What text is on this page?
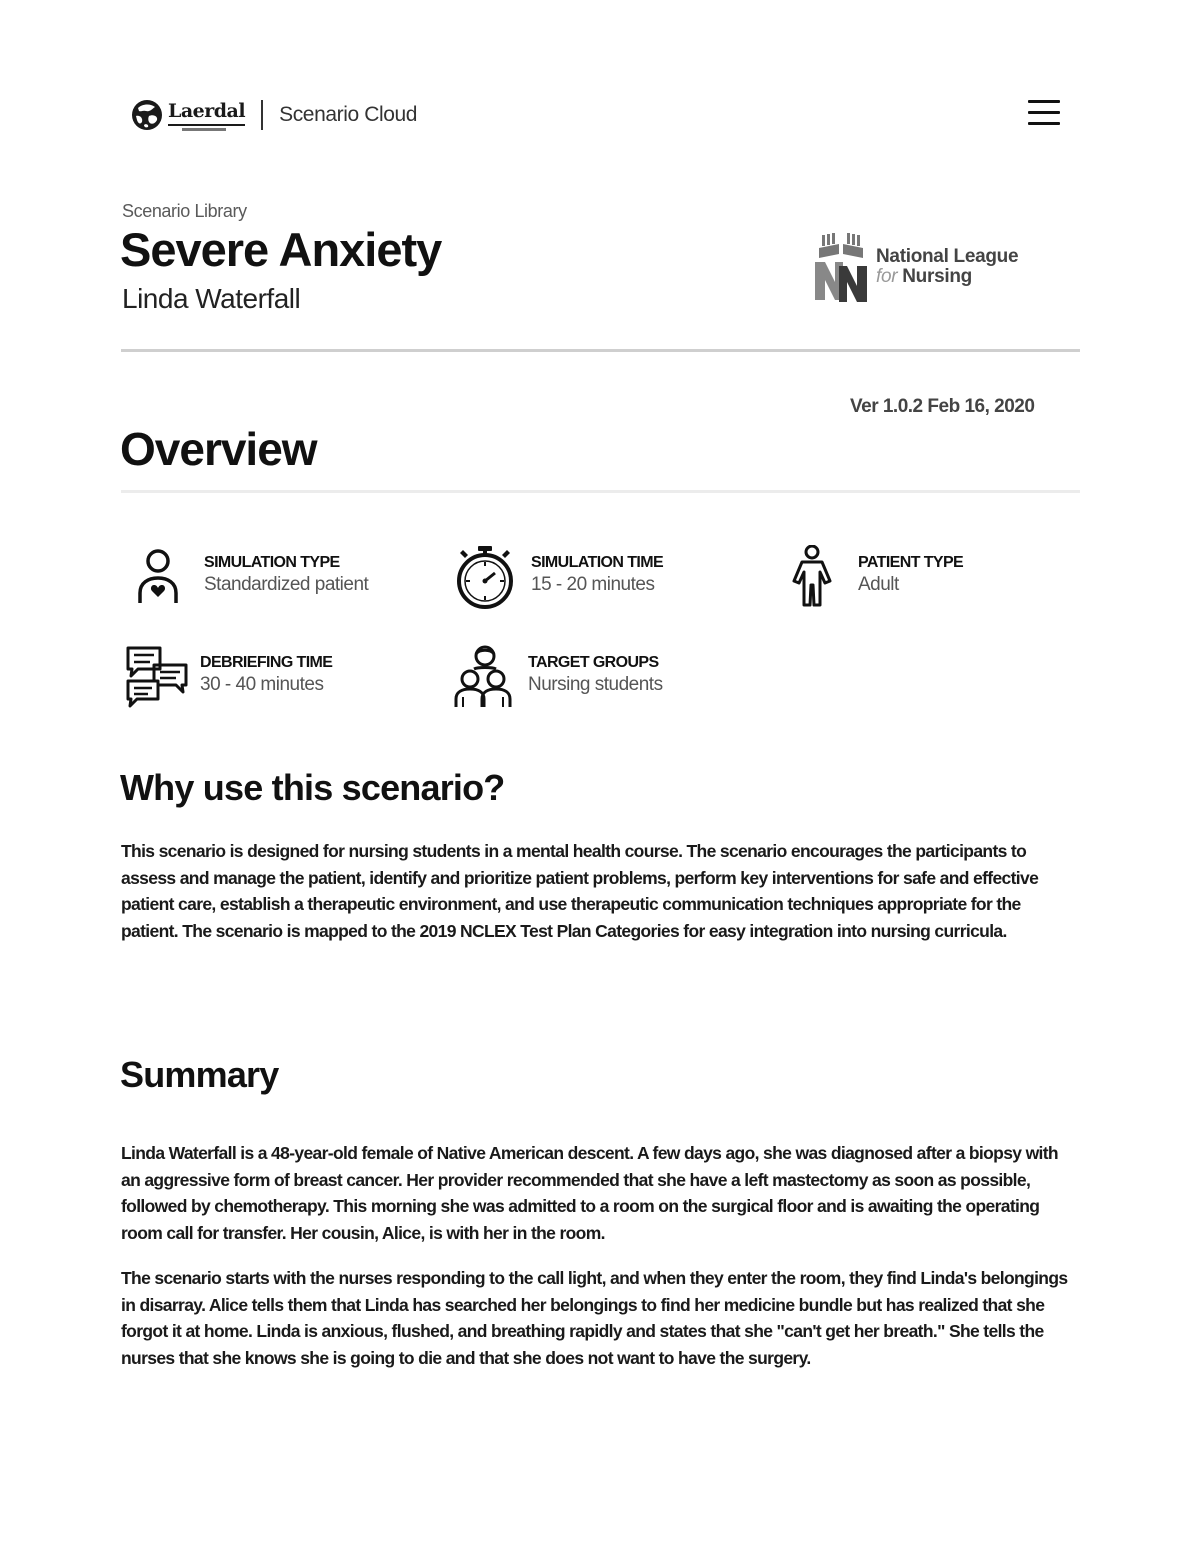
Laerdal Scenario Cloud
Scenario Library
Severe Anxiety
Linda Waterfall
National League
for Nursing
Ver 1.0.2 Feb 16, 2020
Overview
SIMULATION TYPE
Standardized patient
SIMULATION TIME
15 - 20 minutes
PATIENT TYPE
Adult
DEBRIEFING TIME
30 - 40 minutes
TARGET GROUPS
Nursing students
Why use this scenario?

This scenario is designed for nursing students in a mental health course. The scenario encourages the participants to assess and manage the patient, identify and prioritize patient problems, perform key interventions for safe and effective patient care, establish a therapeutic environment, and use therapeutic communication techniques appropriate for the patient. The scenario is mapped to the 2019 NCLEX Test Plan Categories for easy integration into nursing curricula.

Summary

Linda Waterfall is a 48-year-old female of Native American descent. A few days ago, she was diagnosed after a biopsy with an aggressive form of breast cancer. Her provider recommended that she have a left mastectomy as soon as possible, followed by chemotherapy. This morning she was admitted to a room on the surgical floor and is awaiting the operating room call for transfer. Her cousin, Alice, is with her in the room.

The scenario starts with the nurses responding to the call light, and when they enter the room, they find Linda's belongings in disarray. Alice tells them that Linda has searched her belongings to find her medicine bundle but has realized that she forgot it at home. Linda is anxious, flushed, and breathing rapidly and states that she "can't get her breath." She tells the nurses that she knows she is going to die and that she does not want to have the surgery.
